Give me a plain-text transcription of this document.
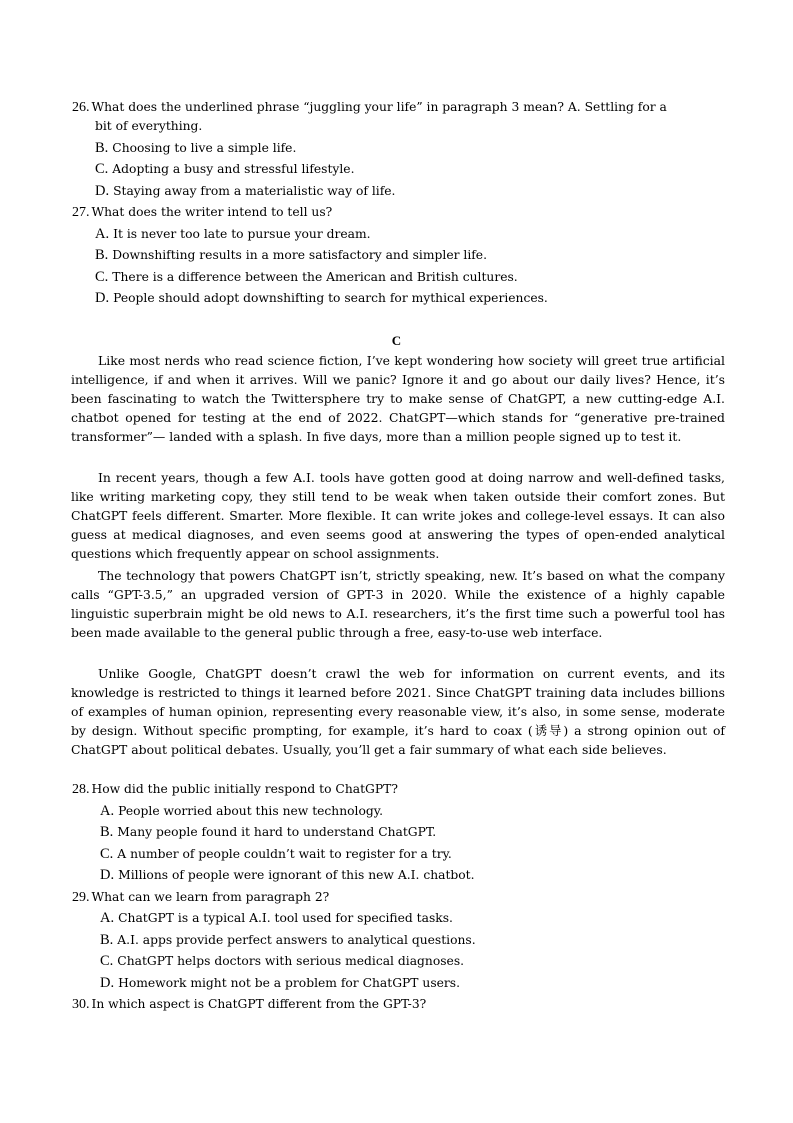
26. What does the underlined phrase “juggling your life” in paragraph 3 mean? A. Settling for a
bit of everything.
B. Choosing to live a simple life.
C. Adopting a busy and stressful lifestyle.
D. Staying away from a materialistic way of life.
27. What does the writer intend to tell us?
A. It is never too late to pursue your dream.
B. Downshifting results in a more satisfactory and simpler life.
C. There is a difference between the American and British cultures.
D. People should adopt downshifting to search for mythical experiences.
C
Like most nerds who read science fiction, I’ve kept wondering how society will greet true artificial intelligence, if and when it arrives. Will we panic? Ignore it and go about our daily lives? Hence, it’s been fascinating to watch the Twittersphere try to make sense of ChatGPT, a new cutting-edge A.I. chatbot opened for testing at the end of 2022. ChatGPT—which stands for “generative pre-trained transformer”— landed with a splash. In five days, more than a million people signed up to test it.
In recent years, though a few A.I. tools have gotten good at doing narrow and well-defined tasks, like writing marketing copy, they still tend to be weak when taken outside their comfort zones. But ChatGPT feels different. Smarter. More flexible. It can write jokes and college-level essays. It can also guess at medical diagnoses, and even seems good at answering the types of open-ended analytical questions which frequently appear on school assignments.
The technology that powers ChatGPT isn’t, strictly speaking, new. It’s based on what the company calls “GPT-3.5,” an upgraded version of GPT-3 in 2020. While the existence of a highly capable linguistic superbrain might be old news to A.I. researchers, it’s the first time such a powerful tool has been made available to the general public through a free, easy-to-use web interface.
Unlike Google, ChatGPT doesn’t crawl the web for information on current events, and its knowledge is restricted to things it learned before 2021. Since ChatGPT training data includes billions of examples of human opinion, representing every reasonable view, it’s also, in some sense, moderate by design. Without specific prompting, for example, it’s hard to coax (诱导) a strong opinion out of ChatGPT about political debates. Usually, you’ll get a fair summary of what each side believes.
28. How did the public initially respond to ChatGPT?
A. People worried about this new technology.
B. Many people found it hard to understand ChatGPT.
C. A number of people couldn’t wait to register for a try.
D. Millions of people were ignorant of this new A.I. chatbot.
29. What can we learn from paragraph 2?
A. ChatGPT is a typical A.I. tool used for specified tasks.
B. A.I. apps provide perfect answers to analytical questions.
C. ChatGPT helps doctors with serious medical diagnoses.
D. Homework might not be a problem for ChatGPT users.
30. In which aspect is ChatGPT different from the GPT-3?
